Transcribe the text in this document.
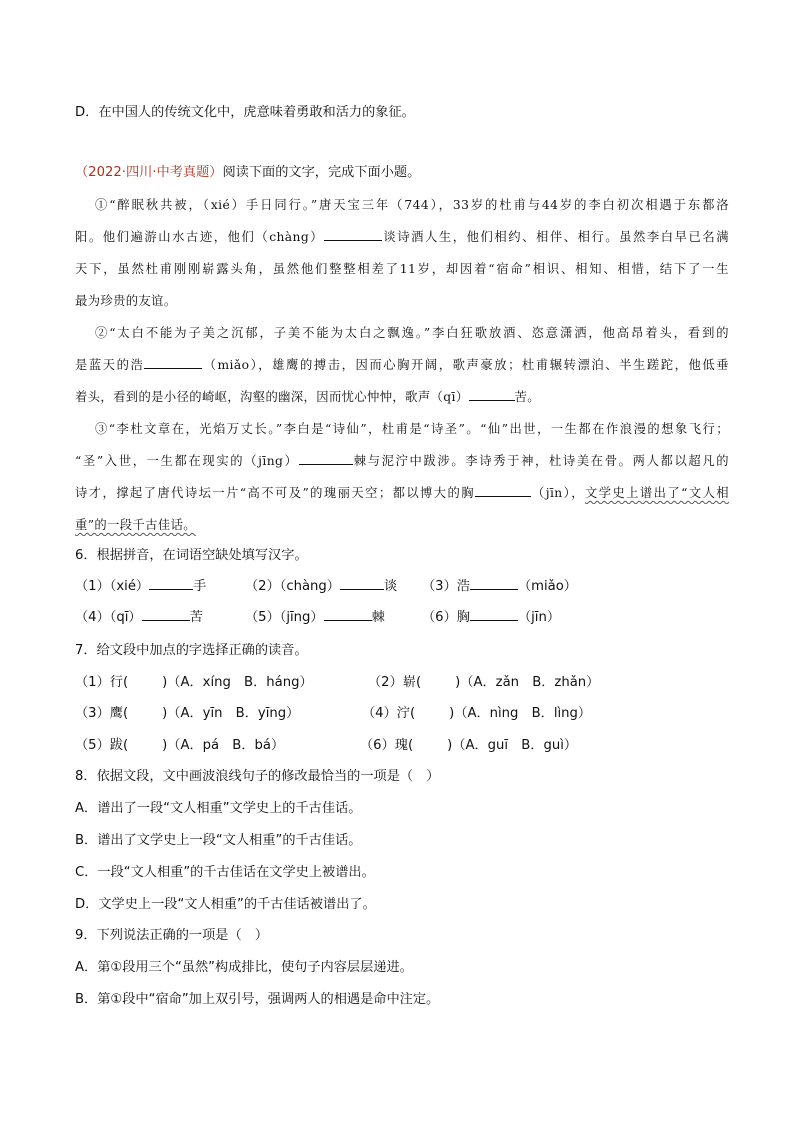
D．在中国人的传统文化中，虎意味着勇敢和活力的象征。
（2022·四川·中考真题）阅读下面的文字，完成下面小题。
①“醉眠秋共被，（xié）手日同行。”唐天宝三年（744），33岁的杜甫与44岁的李白初次相遇于东都洛
阳。他们遍游山水古迹，他们（chàng）	谈诗酒人生，他们相约、相伴、相行。虽然李白早已名满
天下，虽然杜甫刚刚崭露头角，虽然他们整整相差了11岁，却因着“宿命”相识、相知、相惜，结下了一生
最为珍贵的友谊。
②“太白不能为子美之沉郁，子美不能为太白之飘逸。”李白狂歌放酒、恣意潇洒，他高昂着头，看到的
是蓝天的浩	（miǎo），雄鹰的搏击，因而心胸开阔，歌声豪放；杜甫辗转漂泊、半生蹉跎，他低垂
着头，看到的是小径的崎岖，沟壑的幽深，因而忧心忡忡，歌声（qī）	苦。
③“李杜文章在，光焰万丈长。”李白是“诗仙”，杜甫是“诗圣”。“仙”出世，一生都在作浪漫的想象飞行；
“圣”入世，一生都在现实的（jīng）	棘与泥泞中跋涉。李诗秀于神，杜诗美在骨。两人都以超凡的
诗才，撑起了唐代诗坛一片“高不可及”的瑰丽天空；都以博大的胸	（jīn），文学史上谱出了“文人相
重”的一段千古佳话。
6．根据拼音，在词语空缺处填写汉字。
（1）（xié）	手	（2）（chàng）	谈 （3）浩	（miǎo）
（4）（qī）	苦	（5）（jīng）	棘	（6）胸	（jīn）
7．给文段中加点的字选择正确的读音。
（1）行(	)（A．xíng　B．háng）	（2）崭(	)（A．zǎn　B．zhǎn）
（3）鹰(	)（A．yīn　B．yīng）	（4）泞(	)（A．nìng　B．lìng）
（5）跋(	)（A．pá　B．bá）	（6）瑰(	)（A．guī　B．guì）
8．依据文段，文中画波浪线句子的修改最恰当的一项是（　）
A．谱出了一段“文人相重”文学史上的千古佳话。
B．谱出了文学史上一段“文人相重”的千古佳话。
C．一段“文人相重”的千古佳话在文学史上被谱出。
D．文学史上一段“文人相重”的千古佳话被谱出了。
9．下列说法正确的一项是（　）
A．第①段用三个“虽然”构成排比，使句子内容层层递进。
B．第①段中“宿命”加上双引号，强调两人的相遇是命中注定。
